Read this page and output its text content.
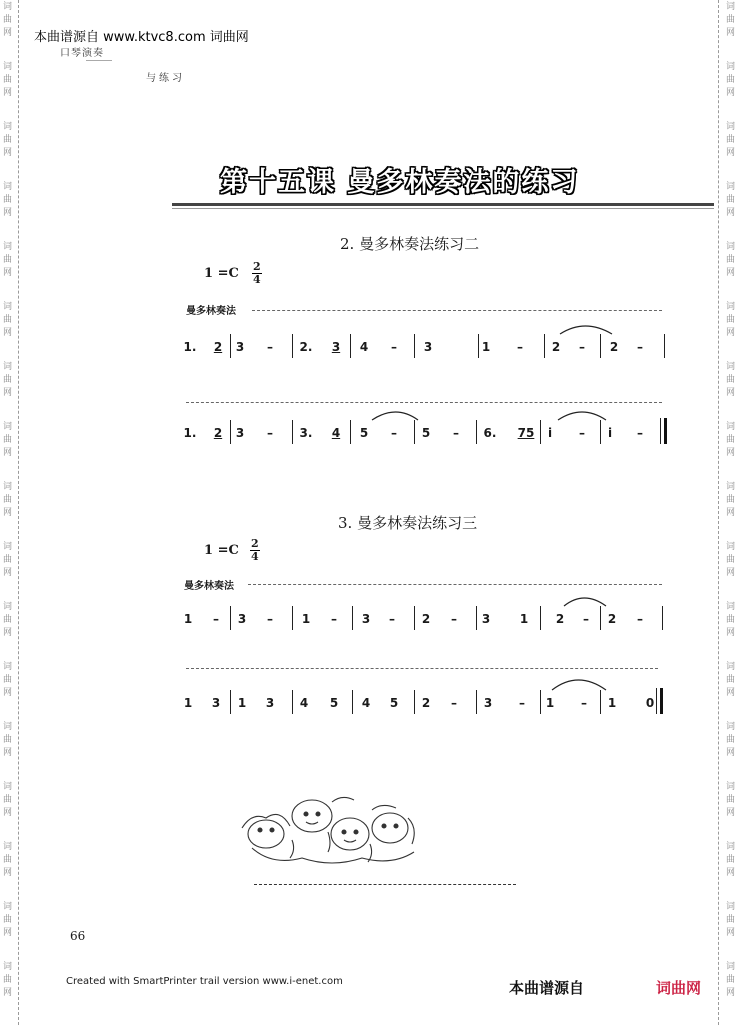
词
曲
网
词
曲
网
词
曲
网
词
曲
网
词
曲
网
词
曲
网
词
曲
网
词
曲
网
词
曲
网
词
曲
网
词
曲
网
词
曲
网
词
曲
网
词
曲
网
词
曲
网
词
曲
网
词
曲
网
词
曲
网
词
曲
网
词
曲
网
词
曲
网
词
曲
网
词
曲
网
词
曲
网
词
曲
网
词
曲
网
词
曲
网
词
曲
网
词
曲
网
词
曲
网
词
曲
网
词
曲
网
词
曲
网
词
曲
网
本曲谱源自 www.ktvc8.com 词曲网
口琴演奏
与练习
第十五课 曼多林奏法的练习
2. 曼多林奏法练习二
$1 =C \frac{2}{4}$
曼多林奏法
1. 2 3	–	2. 3 4	–	3	1	–	2	–	2	–
1. 2 3	–	3. 4 5	–	5	–	6. 75	i	–	i	–
3. 曼多林奏法练习三
$1 =C \frac{2}{4}$
曼多林奏法
1	–	3	–	1	–	3	–	2	–	3 1 2	–	2	–
1 3 1 3 4 5 4 5 2	–	3	–	1	–	1 0
66
Created with SmartPrinter trail version www.i-enet.com	本曲谱源自	词曲网
